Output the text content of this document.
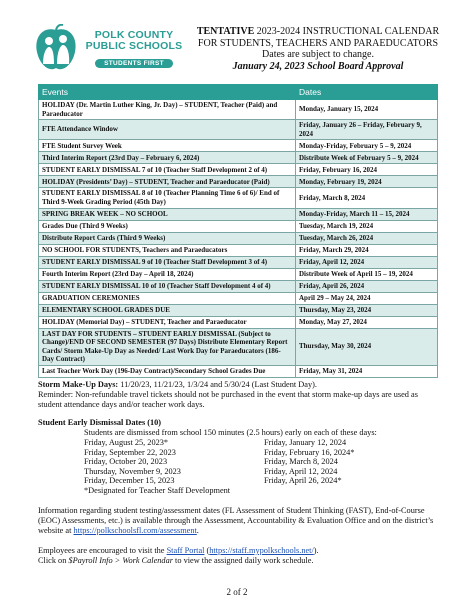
POLK COUNTY
PUBLIC SCHOOLS
STUDENTS FIRST
TENTATIVE 2023-2024 INSTRUCTIONAL CALENDAR
FOR STUDENTS, TEACHERS AND PARAEDUCATORS
Dates are subject to change.
January 24, 2023 School Board Approval
Events	Dates
HOLIDAY (Dr. Martin Luther King, Jr. Day) – STUDENT, Teacher (Paid) and Paraeducator	Monday, January 15, 2024
FTE Attendance Window	Friday, January 26 – Friday, February 9, 2024
FTE Student Survey Week	Monday-Friday, February 5 – 9, 2024
Third Interim Report (23rd Day – February 6, 2024)	Distribute Week of February 5 – 9, 2024
STUDENT EARLY DISMISSAL 7 of 10 (Teacher Staff Development 2 of 4)	Friday, February 16, 2024
HOLIDAY (Presidents’ Day) – STUDENT, Teacher and Paraeducator (Paid)	Monday, February 19, 2024
STUDENT EARLY DISMISSAL 8 of 10 (Teacher Planning Time 6 of 6)/ End of Third 9-Week Grading Period (45th Day)	Friday, March 8, 2024
SPRING BREAK WEEK – NO SCHOOL	Monday-Friday, March 11 – 15, 2024
Grades Due (Third 9 Weeks)	Tuesday, March 19, 2024
Distribute Report Cards (Third 9 Weeks)	Tuesday, March 26, 2024
NO SCHOOL FOR STUDENTS, Teachers and Paraeducators	Friday, March 29, 2024
STUDENT EARLY DISMISSAL 9 of 10 (Teacher Staff Development 3 of 4)	Friday, April 12, 2024
Fourth Interim Report (23rd Day – April 18, 2024)	Distribute Week of April 15 – 19, 2024
STUDENT EARLY DISMISSAL 10 of 10 (Teacher Staff Development 4 of 4)	Friday, April 26, 2024
GRADUATION CEREMONIES	April 29 – May 24, 2024
ELEMENTARY SCHOOL GRADES DUE	Thursday, May 23, 2024
HOLIDAY (Memorial Day) – STUDENT, Teacher and Paraeducator	Monday, May 27, 2024
LAST DAY FOR STUDENTS – STUDENT EARLY DISMISSAL (Subject to Change)/END OF SECOND SEMESTER (97 Days) Distribute Elementary Report Cards/ Storm Make-Up Day as Needed/ Last Work Day for Paraeducators (186-Day Contract)	Thursday, May 30, 2024
Last Teacher Work Day (196-Day Contract)/Secondary School Grades Due	Friday, May 31, 2024
Storm Make-Up Days: 11/20/23, 11/21/23, 1/3/24 and 5/30/24 (Last Student Day).
Reminder: Non-refundable travel tickets should not be purchased in the event that storm make-up days are used as student attendance days and/or teacher work days.
Student Early Dismissal Dates (10)
Students are dismissed from school 150 minutes (2.5 hours) early on each of these days:
Friday, August 25, 2023*	Friday, January 12, 2024
Friday, September 22, 2023	Friday, February 16, 2024*
Friday, October 20, 2023	Friday, March 8, 2024
Thursday, November 9, 2023	Friday, April 12, 2024
Friday, December 15, 2023	Friday, April 26, 2024*
*Designated for Teacher Staff Development
Information regarding student testing/assessment dates (FL Assessment of Student Thinking (FAST), End-of-Course (EOC) Assessments, etc.) is available through the Assessment, Accountability & Evaluation Office and on the district’s website at https://polkschoolsfl.com/assessment.
Employees are encouraged to visit the Staff Portal (https://staff.mypolkschools.net/).
Click on $Payroll Info > Work Calendar to view the assigned daily work schedule.
2 of 2
